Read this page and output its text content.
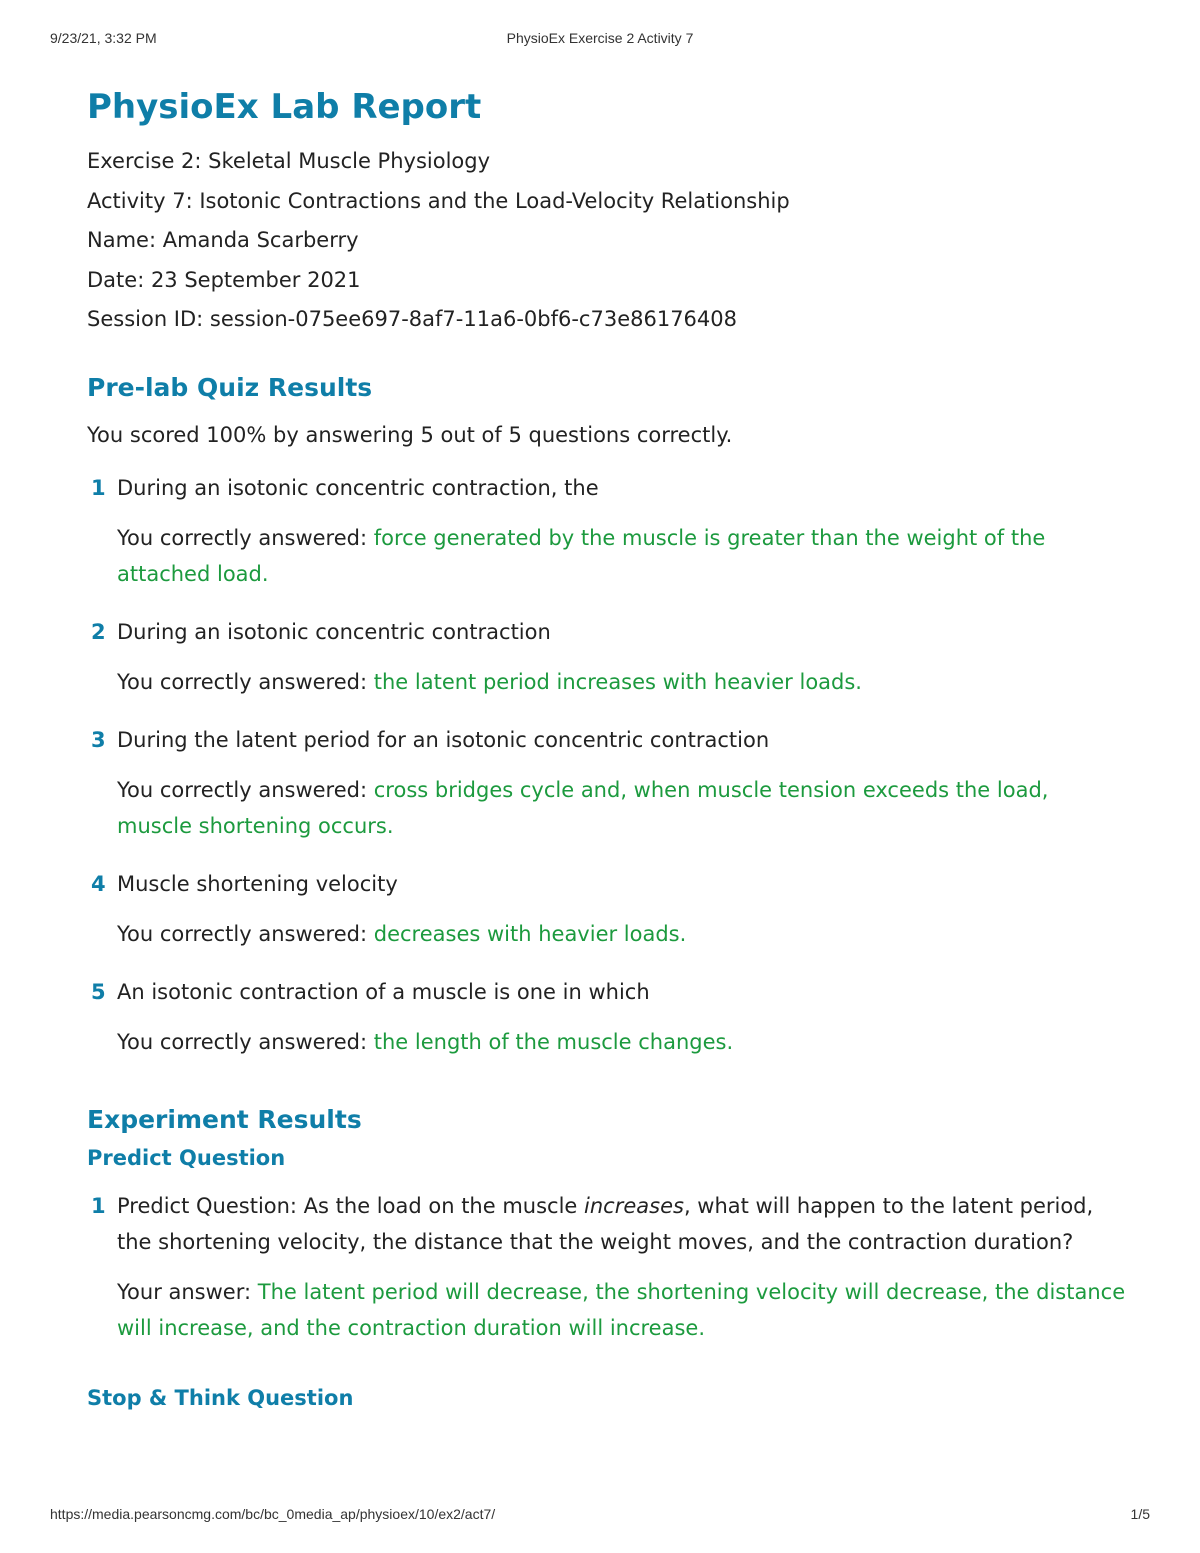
9/23/21, 3:32 PM	PhysioEx Exercise 2 Activity 7
PhysioEx Lab Report
Exercise 2: Skeletal Muscle Physiology
Activity 7: Isotonic Contractions and the Load-Velocity Relationship
Name: Amanda Scarberry
Date: 23 September 2021
Session ID: session-075ee697-8af7-11a6-0bf6-c73e86176408
Pre-lab Quiz Results
You scored 100% by answering 5 out of 5 questions correctly.
1 During an isotonic concentric contraction, the
You correctly answered: force generated by the muscle is greater than the weight of the attached load.
2 During an isotonic concentric contraction
You correctly answered: the latent period increases with heavier loads.
3 During the latent period for an isotonic concentric contraction
You correctly answered: cross bridges cycle and, when muscle tension exceeds the load, muscle shortening occurs.
4 Muscle shortening velocity
You correctly answered: decreases with heavier loads.
5 An isotonic contraction of a muscle is one in which
You correctly answered: the length of the muscle changes.
Experiment Results
Predict Question
1 Predict Question: As the load on the muscle increases, what will happen to the latent period, the shortening velocity, the distance that the weight moves, and the contraction duration?
Your answer: The latent period will decrease, the shortening velocity will decrease, the distance will increase, and the contraction duration will increase.
Stop & Think Question
https://media.pearsoncmg.com/bc/bc_0media_ap/physioex/10/ex2/act7/	1/5
